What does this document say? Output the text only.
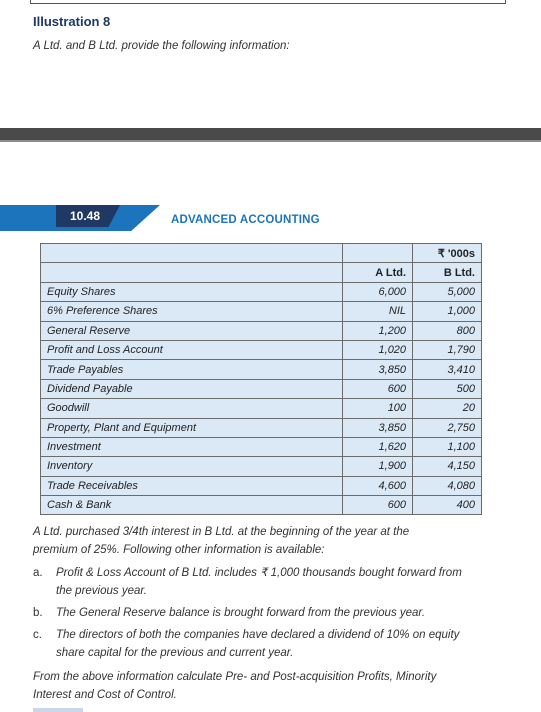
Illustration 8
A Ltd. and B Ltd. provide the following information:
10.48	ADVANCED ACCOUNTING
		₹ '000s
	A Ltd.	B Ltd.
Equity Shares	6,000	5,000
6% Preference Shares	NIL	1,000
General Reserve	1,200	800
Profit and Loss Account	1,020	1,790
Trade Payables	3,850	3,410
Dividend Payable	600	500
Goodwill	100	20
Property, Plant and Equipment	3,850	2,750
Investment	1,620	1,100
Inventory	1,900	4,150
Trade Receivables	4,600	4,080
Cash & Bank	600	400
A Ltd. purchased 3/4th interest in B Ltd. at the beginning of the year at the
premium of 25%. Following other information is available:
a. Profit & Loss Account of B Ltd. includes ₹ 1,000 thousands bought forward from
the previous year.
b. The General Reserve balance is brought forward from the previous year.
c. The directors of both the companies have declared a dividend of 10% on equity
share capital for the previous and current year.
From the above information calculate Pre- and Post-acquisition Profits, Minority
Interest and Cost of Control.
